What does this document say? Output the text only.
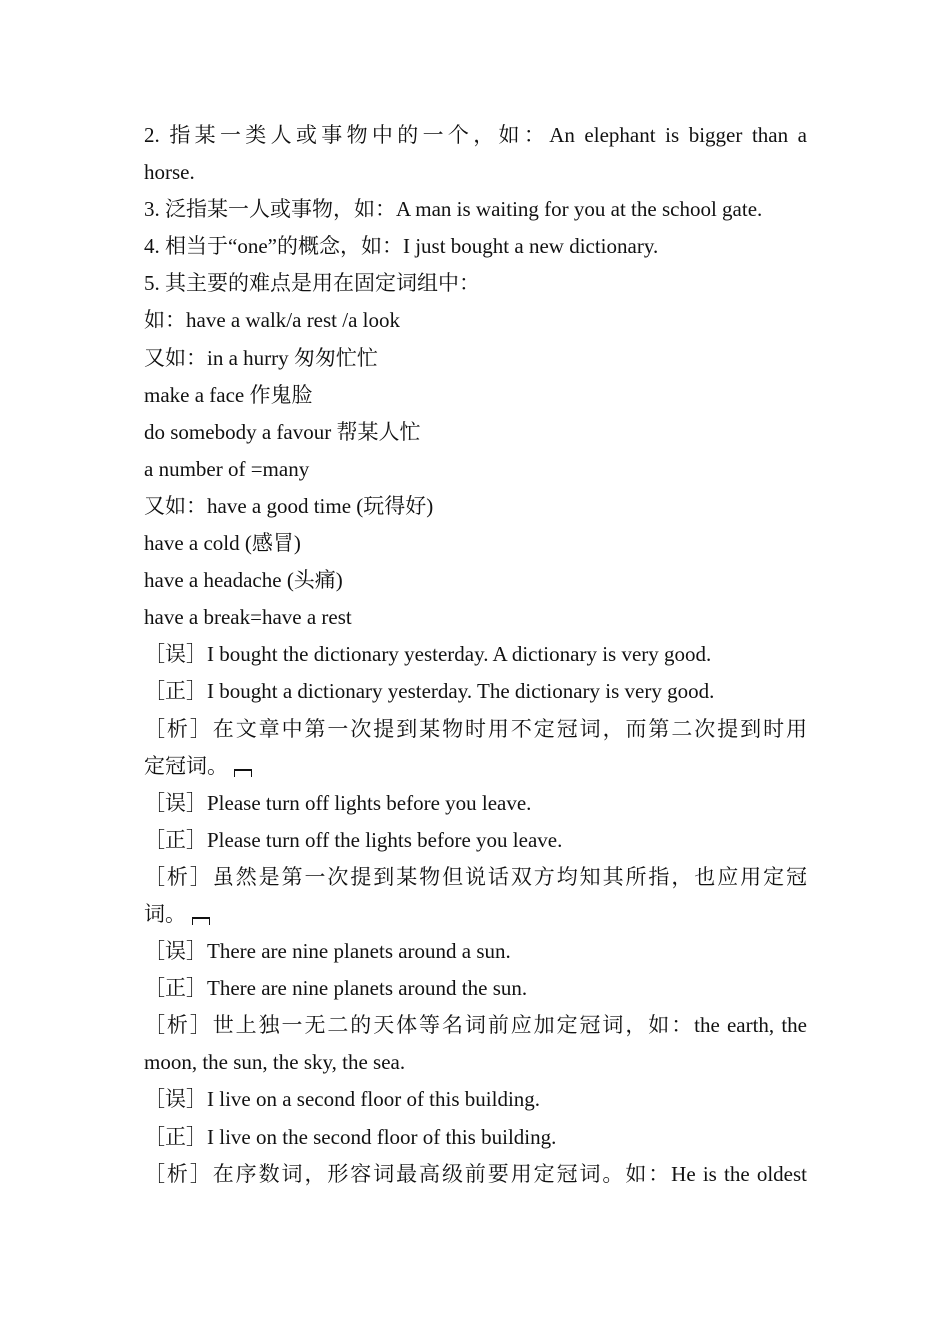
2. 指某一类人或事物中的一个，如：An elephant is bigger than a
horse.
3. 泛指某一人或事物，如：A man is waiting for you at the school gate.
4. 相当于“one”的概念，如：I just bought a new dictionary.
5. 其主要的难点是用在固定词组中：
如：have a walk/a rest /a look
又如：in a hurry 匆匆忙忙
make a face 作鬼脸
do somebody a favour 帮某人忙
a number of =many
又如：have a good time (玩得好)
have a cold (感冒)
have a headache (头痛)
have a break=have a rest
［误］I bought the dictionary yesterday. A dictionary is very good.
［正］I bought a dictionary yesterday. The dictionary is very good.
［析］在文章中第一次提到某物时用不定冠词，而第二次提到时用
定冠词。
［误］Please turn off lights before you leave.
［正］Please turn off the lights before you leave.
［析］虽然是第一次提到某物但说话双方均知其所指，也应用定冠
词。
［误］There are nine planets around a sun.
［正］There are nine planets around the sun.
［析］世上独一无二的天体等名词前应加定冠词，如：the earth, the
moon, the sun, the sky, the sea.
［误］I live on a second floor of this building.
［正］I live on the second floor of this building.
［析］在序数词，形容词最高级前要用定冠词。如：He is the oldest
